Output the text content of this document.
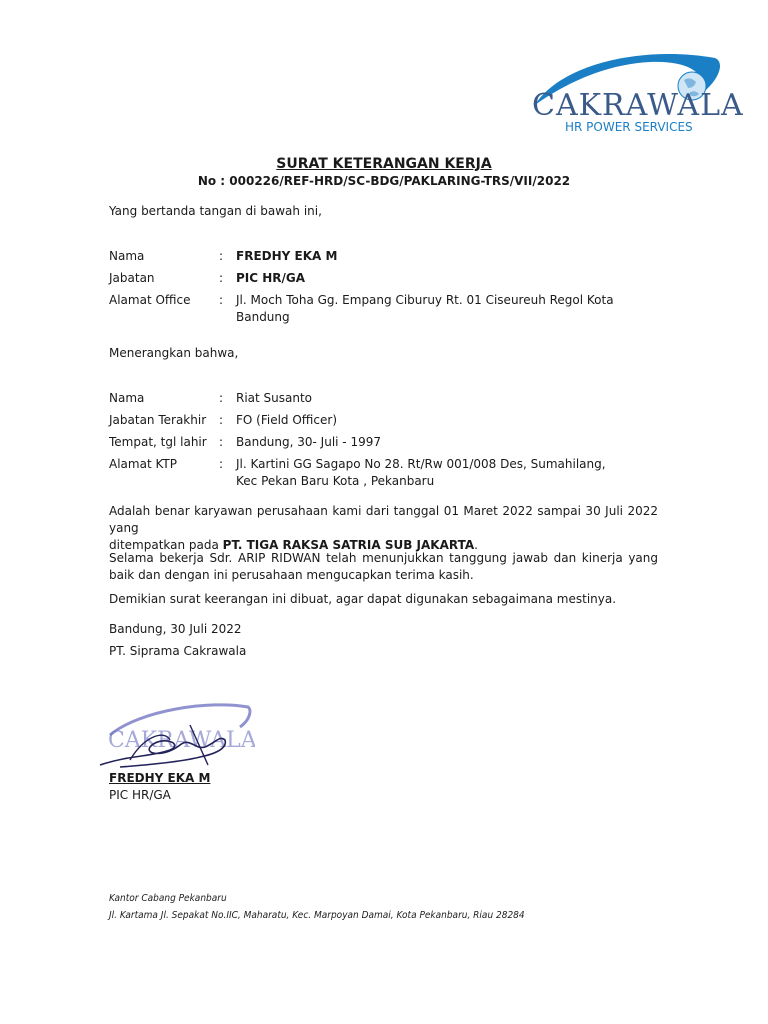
CAKRAWALA
HR POWER SERVICES
SURAT KETERANGAN KERJA
No : 000226/REF-HRD/SC-BDG/PAKLARING-TRS/VII/2022
Yang bertanda tangan di bawah ini,
Nama	: FREDHY EKA M
Jabatan	: PIC HR/GA
Alamat Office : Jl. Moch Toha Gg. Empang Ciburuy Rt. 01 Ciseureuh Regol Kota
Bandung
Menerangkan bahwa,
Nama	: Riat Susanto
Jabatan Terakhir : FO (Field Officer)
Tempat, tgl lahir : Bandung, 30- Juli - 1997
Alamat KTP	: Jl. Kartini GG Sagapo No 28. Rt/Rw 001/008 Des, Sumahilang,
Kec Pekan Baru Kota , Pekanbaru
Adalah benar karyawan perusahaan kami dari tanggal 01 Maret 2022 sampai 30 Juli 2022 yang
ditempatkan pada PT. TIGA RAKSA SATRIA SUB JAKARTA.
Selama bekerja Sdr. ARIP RIDWAN telah menunjukkan tanggung jawab dan kinerja yang baik dan dengan ini perusahaan mengucapkan terima kasih.
Demikian surat keerangan ini dibuat, agar dapat digunakan sebagaimana mestinya.
Bandung, 30 Juli 2022
PT. Siprama Cakrawala
CAKRAWALA
FREDHY EKA M
PIC HR/GA
Kantor Cabang Pekanbaru
Jl. Kartama Jl. Sepakat No.IIC, Maharatu, Kec. Marpoyan Damai, Kota Pekanbaru, Riau 28284
